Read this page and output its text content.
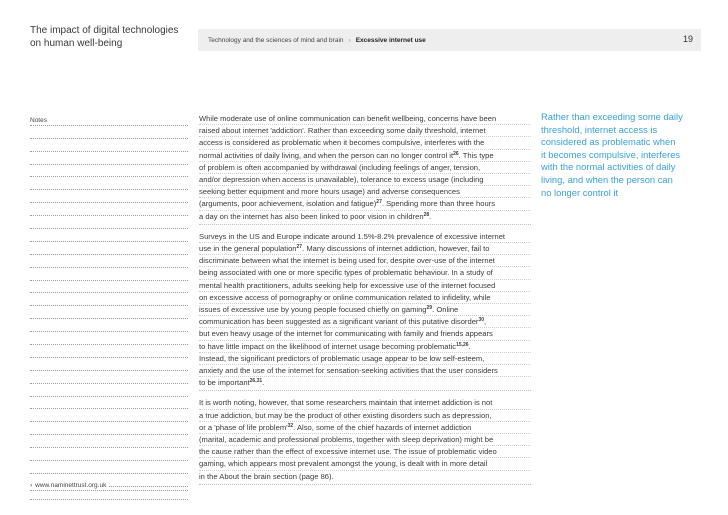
The impact of digital technologies
on human well-being	Technology and the sciences of mind and brain › Excessive internet use	19
Notes
› www.naminettrust.org.uk
While moderate use of online communication can benefit wellbeing, concerns have been
raised about internet 'addiction'. Rather than exceeding some daily threshold, internet
access is considered as problematic when it becomes compulsive, interferes with the
normal activities of daily living, and when the person can no longer control $it^{26}$. This type
of problem is often accompanied by withdrawal (including feelings of anger, tension,
and/or depression when access is unavailable), tolerance to excess usage (including
seeking better equipment and more hours usage) and adverse consequences
(arguments, poor achievement, isolation and fatigue)$^{27}$. Spending more than three hours
a day on the internet has also been linked to poor vision in children$^{28}$.
Surveys in the US and Europe indicate around 1.5%-8.2% prevalence of excessive internet
use in the general population$^{27}$. Many discussions of internet addiction, however, fail to
discriminate between what the internet is being used for, despite over-use of the internet
being associated with one or more specific types of problematic behaviour. In a study of
mental health practitioners, adults seeking help for excessive use of the internet focused
on excessive access of pornography or online communication related to infidelity, while
issues of excessive use by young people focused chiefly on gaming$^{29}$. Online
communication has been suggested as a significant variant of this putative disorder$^{30}$,
but even heavy usage of the internet for communicating with family and friends appears
to have little impact on the likelihood of internet usage becoming problematic$^{15,26}$.
Instead, the significant predictors of problematic usage appear to be low self-esteem,
anxiety and the use of the internet for sensation-seeking activities that the user considers
to be important$^{26,31}$.
It is worth noting, however, that some researchers maintain that internet addiction is not
a true addiction, but may be the product of other existing disorders such as depression,
or a 'phase of life $problem'^{32}$. Also, some of the chief hazards of internet addiction
(marital, academic and professional problems, together with sleep deprivation) might be
the cause rather than the effect of excessive internet use. The issue of problematic video
gaming, which appears most prevalent amongst the young, is dealt with in more detail
in the About the brain section (page 86).
Rather than exceeding some daily
threshold, internet access is
considered as problematic when
it becomes compulsive, interferes
with the normal activities of daily
living, and when the person can
no longer control it
